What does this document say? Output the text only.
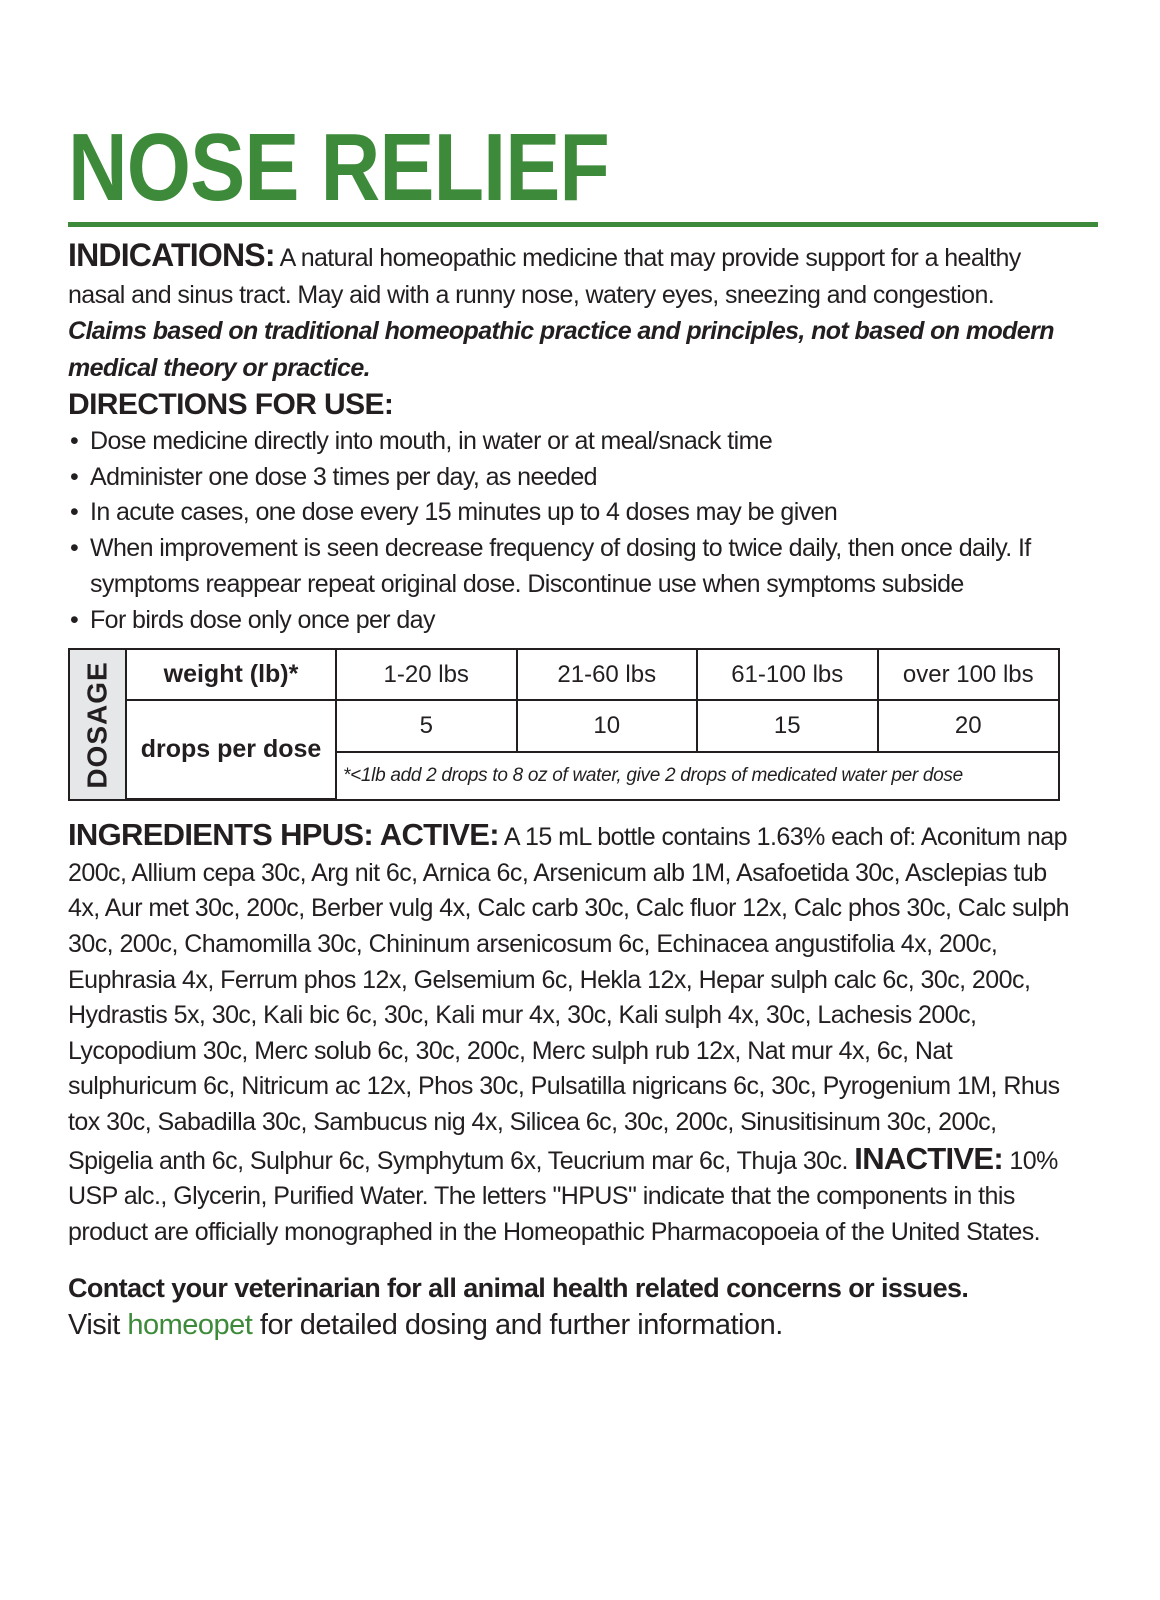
NOSE RELIEF
INDICATIONS: A natural homeopathic medicine that may provide support for a healthy nasal and sinus tract. May aid with a runny nose, watery eyes, sneezing and congestion. Claims based on traditional homeopathic practice and principles, not based on modern medical theory or practice.
DIRECTIONS FOR USE:
• Dose medicine directly into mouth, in water or at meal/snack time
• Administer one dose 3 times per day, as needed
• In acute cases, one dose every 15 minutes up to 4 doses may be given
• When improvement is seen decrease frequency of dosing to twice daily, then once daily. If symptoms reappear repeat original dose. Discontinue use when symptoms subside
• For birds dose only once per day
DOSAGE weight (lb)*	1-20 lbs	21-60 lbs	61-100 lbs	over 100 lbs
drops per dose	5	10	15	20
	*<1lb add 2 drops to 8 oz of water, give 2 drops of medicated water per dose			
INGREDIENTS HPUS: ACTIVE: A 15 mL bottle contains 1.63% each of: Aconitum nap 200c, Allium cepa 30c, Arg nit 6c, Arnica 6c, Arsenicum alb 1M, Asafoetida 30c, Asclepias tub 4x, Aur met 30c, 200c, Berber vulg 4x, Calc carb 30c, Calc fluor 12x, Calc phos 30c, Calc sulph 30c, 200c, Chamomilla 30c, Chininum arsenicosum 6c, Echinacea angustifolia 4x, 200c, Euphrasia 4x, Ferrum phos 12x, Gelsemium 6c, Hekla 12x, Hepar sulph calc 6c, 30c, 200c, Hydrastis 5x, 30c, Kali bic 6c, 30c, Kali mur 4x, 30c, Kali sulph 4x, 30c, Lachesis 200c, Lycopodium 30c, Merc solub 6c, 30c, 200c, Merc sulph rub 12x, Nat mur 4x, 6c, Nat sulphuricum 6c, Nitricum ac 12x, Phos 30c, Pulsatilla nigricans 6c, 30c, Pyrogenium 1M, Rhus tox 30c, Sabadilla 30c, Sambucus nig 4x, Silicea 6c, 30c, 200c, Sinusitisinum 30c, 200c, Spigelia anth 6c, Sulphur 6c, Symphytum 6x, Teucrium mar 6c, Thuja 30c. INACTIVE: 10% USP alc., Glycerin, Purified Water. The letters "HPUS" indicate that the components in this product are officially monographed in the Homeopathic Pharmacopoeia of the United States.
Contact your veterinarian for all animal health related concerns or issues.
Visit homeopet for detailed dosing and further information.
